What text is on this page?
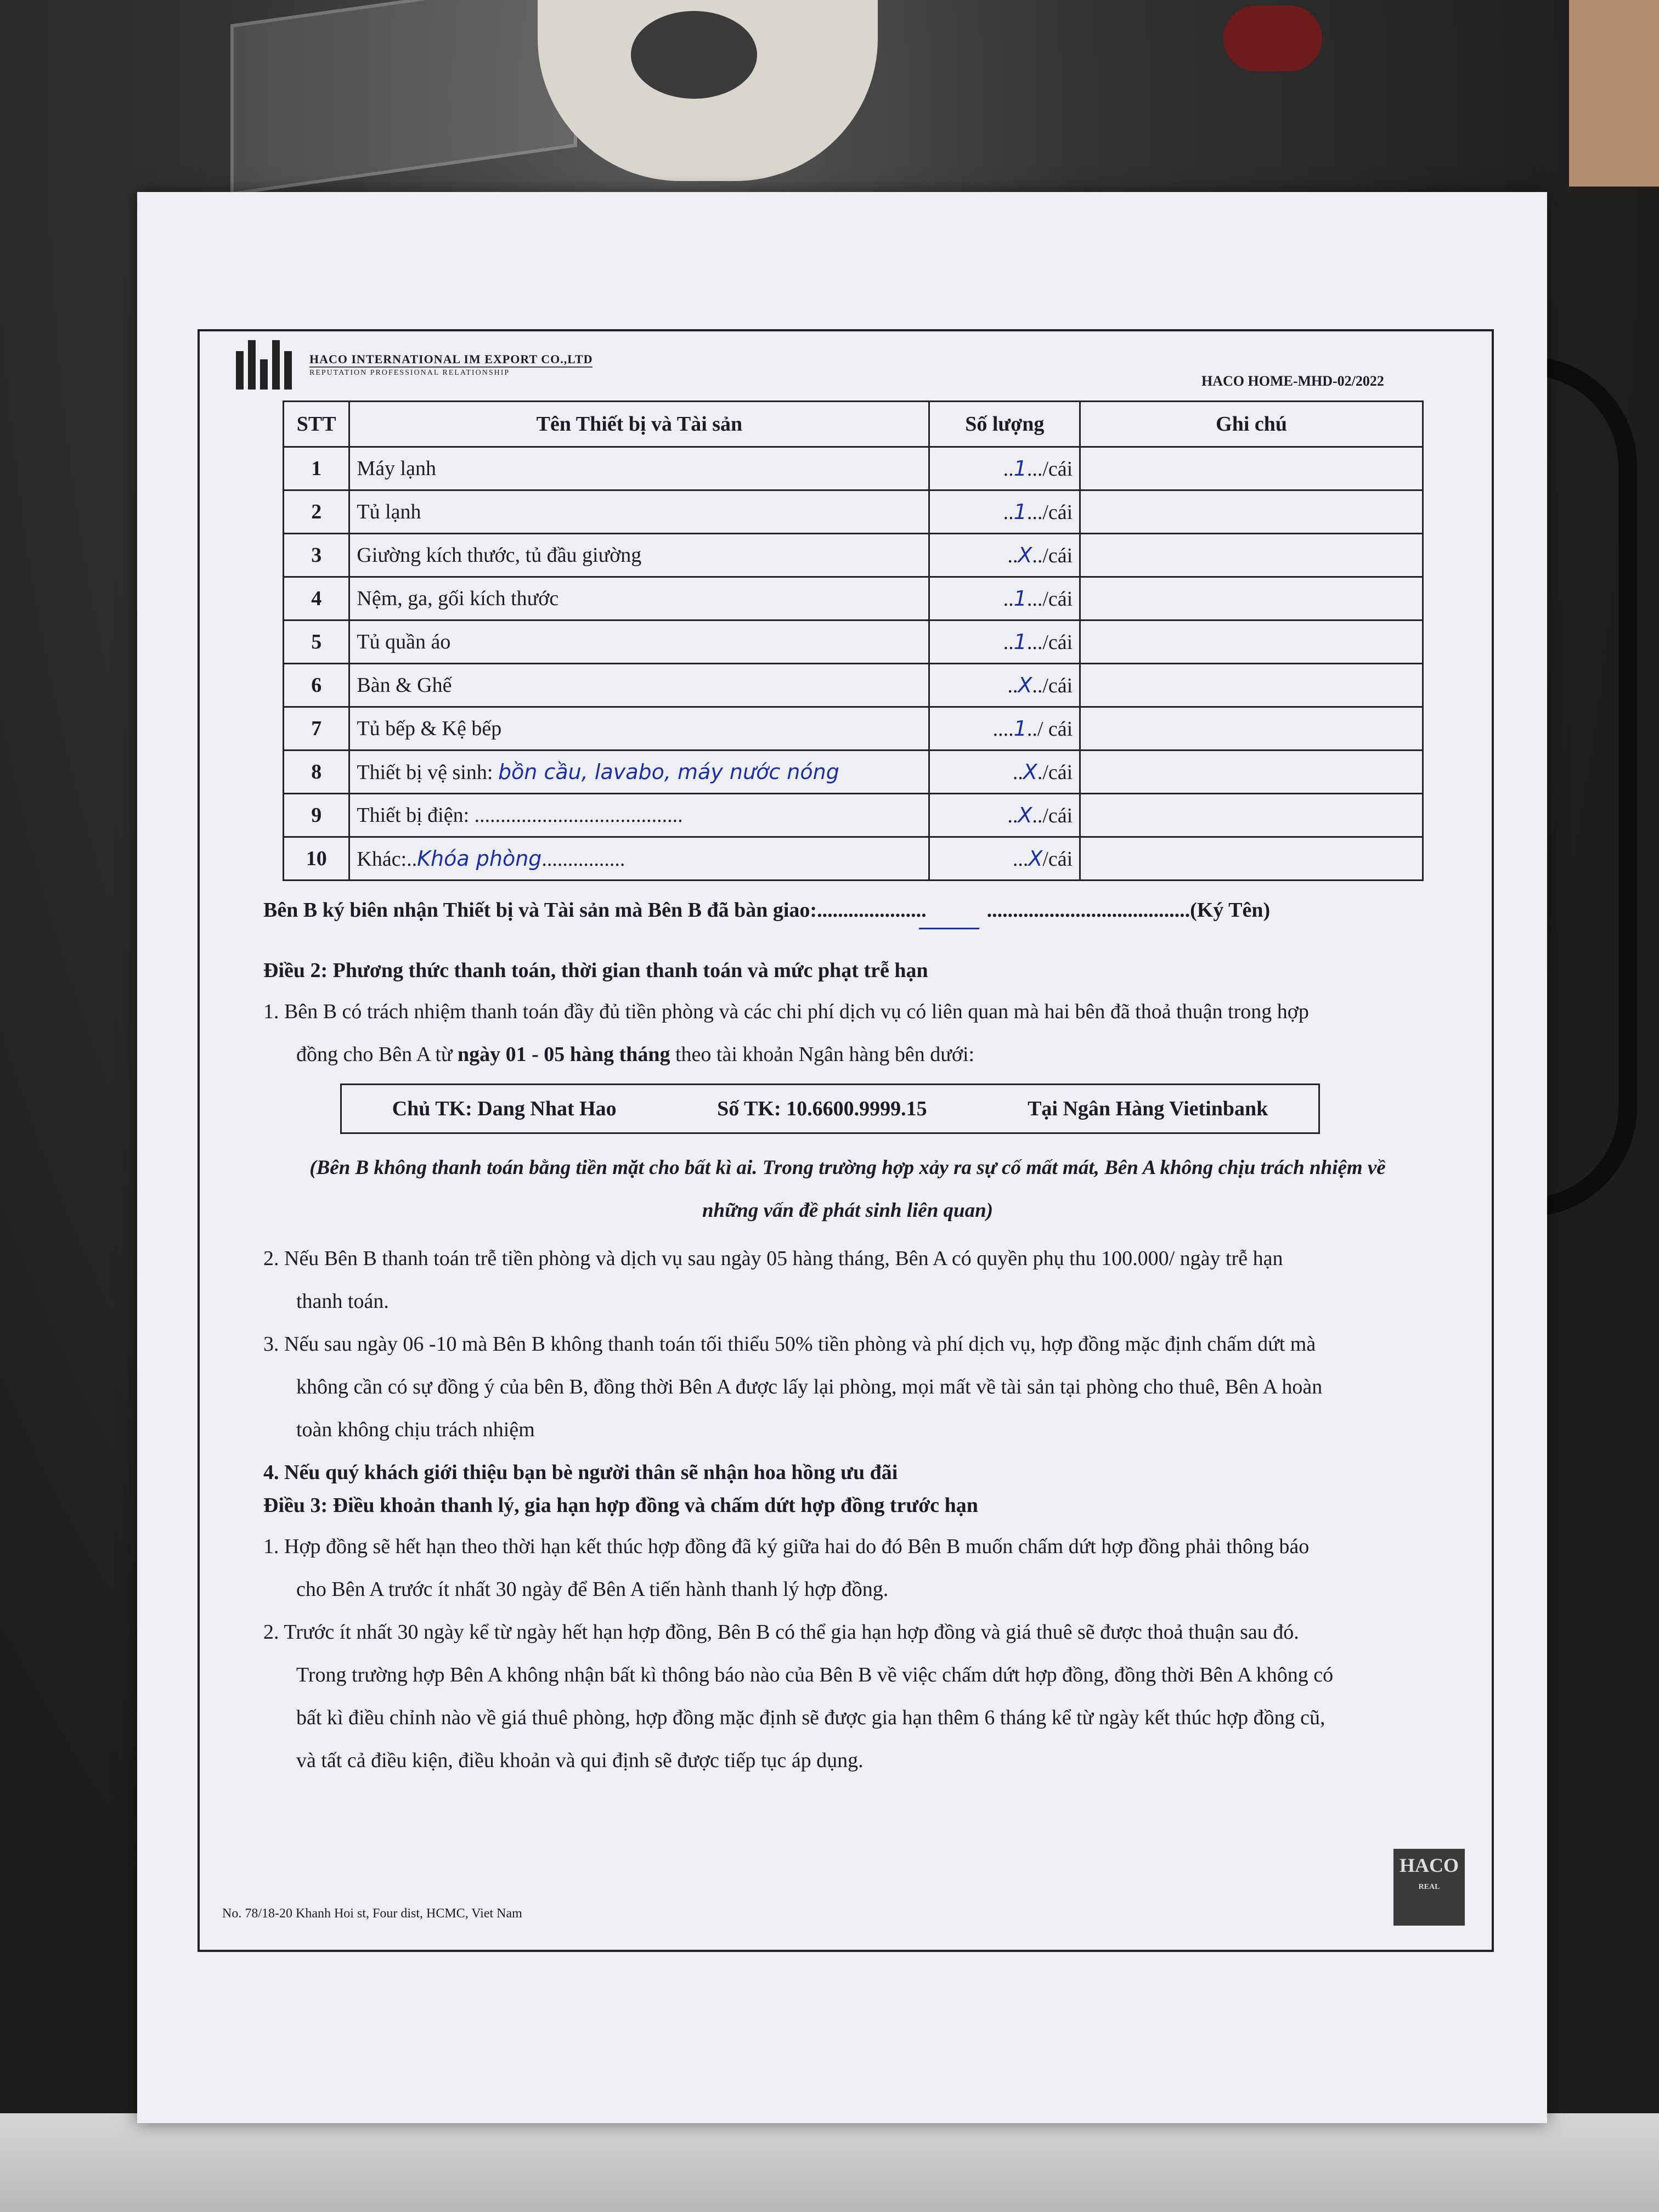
HACO INTERNATIONAL IM EXPORT CO.,LTD
REPUTATION PROFESSIONAL RELATIONSHIP
HACO HOME-MHD-02/2022
STT	Tên Thiết bị và Tài sản	Số lượng	Ghi chú
1	Máy lạnh	..1.../cái	
2	Tủ lạnh	..1.../cái	
3	Giường kích thước, tủ đầu giường	..X../cái	
4	Nệm, ga, gối kích thước	..1.../cái	
5	Tủ quần áo	..1.../cái	
6	Bàn & Ghế	..X../cái	
7	Tủ bếp & Kệ bếp	....1../ cái	
8	Thiết bị vệ sinh: bồn cầu, lavabo, máy nước nóng	..X./cái	
9	Thiết bị điện: ........................................	..X../cái	
10	Khác:..Khóa phòng................	...X/cái	
Bên B ký biên nhận Thiết bị và Tài sản mà Bên B đã bàn giao:.....................	.......................................(Ký Tên)
Điều 2: Phương thức thanh toán, thời gian thanh toán và mức phạt trễ hạn
1. Bên B có trách nhiệm thanh toán đầy đủ tiền phòng và các chi phí dịch vụ có liên quan mà hai bên đã thoả thuận trong hợp
đồng cho Bên A từ ngày 01 - 05 hàng tháng theo tài khoản Ngân hàng bên dưới:
Chủ TK: Dang Nhat Hao	Số TK: 10.6600.9999.15	Tại Ngân Hàng Vietinbank
(Bên B không thanh toán bằng tiền mặt cho bất kì ai. Trong trường hợp xảy ra sự cố mất mát, Bên A không chịu trách nhiệm về
những vấn đề phát sinh liên quan)
2. Nếu Bên B thanh toán trễ tiền phòng và dịch vụ sau ngày 05 hàng tháng, Bên A có quyền phụ thu 100.000/ ngày trễ hạn
thanh toán.
3. Nếu sau ngày 06 -10 mà Bên B không thanh toán tối thiểu 50% tiền phòng và phí dịch vụ, hợp đồng mặc định chấm dứt mà
không cần có sự đồng ý của bên B, đồng thời Bên A được lấy lại phòng, mọi mất về tài sản tại phòng cho thuê, Bên A hoàn
toàn không chịu trách nhiệm
4. Nếu quý khách giới thiệu bạn bè người thân sẽ nhận hoa hồng ưu đãi
Điều 3: Điều khoản thanh lý, gia hạn hợp đồng và chấm dứt hợp đồng trước hạn
1. Hợp đồng sẽ hết hạn theo thời hạn kết thúc hợp đồng đã ký giữa hai do đó Bên B muốn chấm dứt hợp đồng phải thông báo
cho Bên A trước ít nhất 30 ngày để Bên A tiến hành thanh lý hợp đồng.
2. Trước ít nhất 30 ngày kể từ ngày hết hạn hợp đồng, Bên B có thể gia hạn hợp đồng và giá thuê sẽ được thoả thuận sau đó.
Trong trường hợp Bên A không nhận bất kì thông báo nào của Bên B về việc chấm dứt hợp đồng, đồng thời Bên A không có
bất kì điều chỉnh nào về giá thuê phòng, hợp đồng mặc định sẽ được gia hạn thêm 6 tháng kể từ ngày kết thúc hợp đồng cũ,
và tất cả điều kiện, điều khoản và qui định sẽ được tiếp tục áp dụng.
No. 78/18-20 Khanh Hoi st, Four dist, HCMC, Viet Nam
HACO
REAL
